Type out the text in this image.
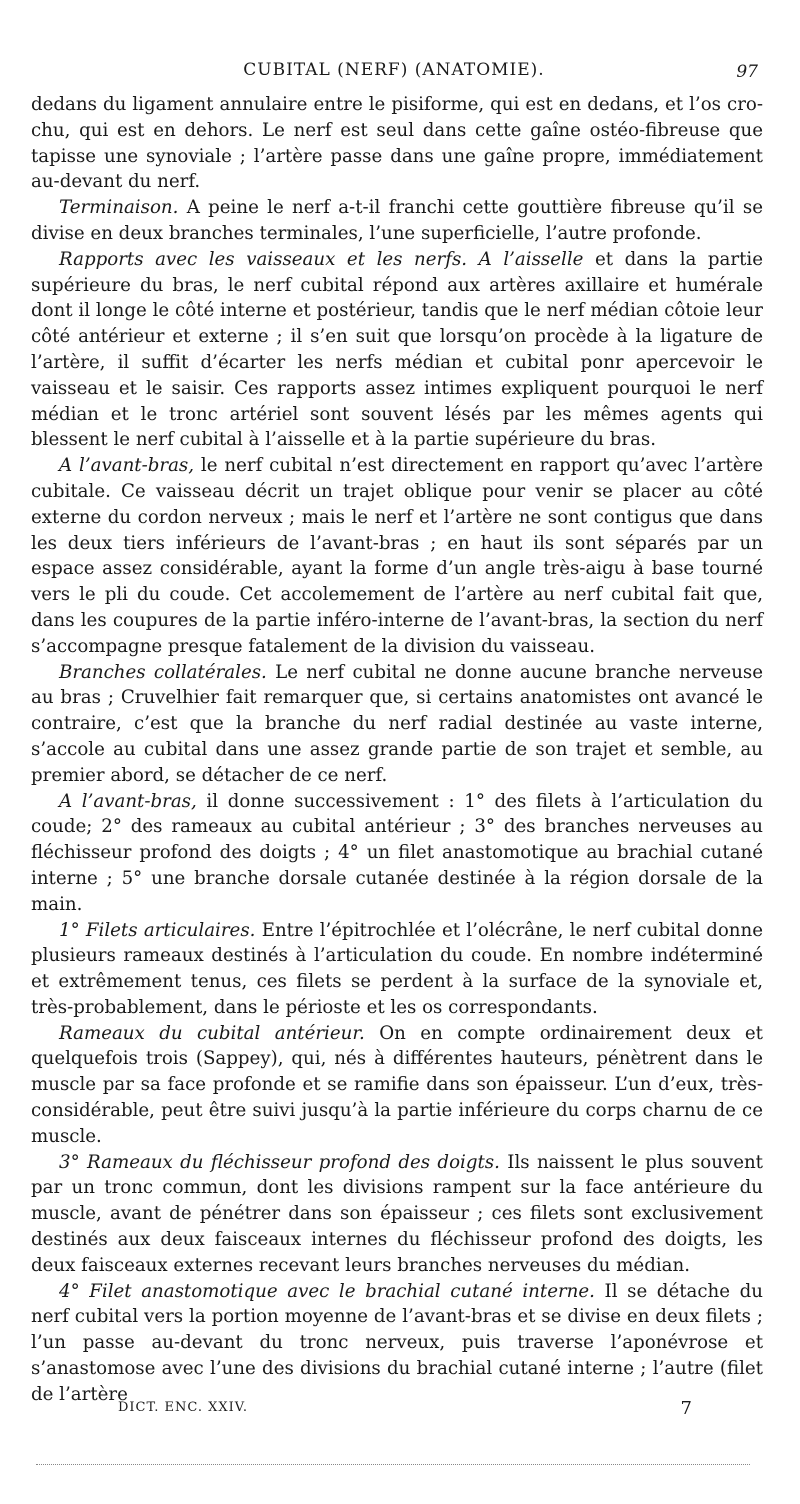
CUBITAL (NERF) (ANATOMIE).	97

dedans du ligament annulaire entre le pisiforme, qui est en dedans, et l’os cro-chu, qui est en dehors. Le nerf est seul dans cette gaîne ostéo-fibreuse que tapisse une synoviale ; l’artère passe dans une gaîne propre, immédiatement au-devant du nerf.

Terminaison. A peine le nerf a-t-il franchi cette gouttière fibreuse qu’il se divise en deux branches terminales, l’une superficielle, l’autre profonde.

Rapports avec les vaisseaux et les nerfs. A l’aisselle et dans la partie supérieure du bras, le nerf cubital répond aux artères axillaire et humérale dont il longe le côté interne et postérieur, tandis que le nerf médian côtoie leur côté antérieur et externe ; il s’en suit que lorsqu’on procède à la ligature de l’artère, il suffit d’écarter les nerfs médian et cubital ponr apercevoir le vaisseau et le saisir. Ces rapports assez intimes expliquent pourquoi le nerf médian et le tronc artériel sont souvent lésés par les mêmes agents qui blessent le nerf cubital à l’aisselle et à la partie supérieure du bras.

A l’avant-bras, le nerf cubital n’est directement en rapport qu’avec l’artère cubitale. Ce vaisseau décrit un trajet oblique pour venir se placer au côté externe du cordon nerveux ; mais le nerf et l’artère ne sont contigus que dans les deux tiers inférieurs de l’avant-bras ; en haut ils sont séparés par un espace assez considérable, ayant la forme d’un angle très-aigu à base tourné vers le pli du coude. Cet accolemement de l’artère au nerf cubital fait que, dans les coupures de la partie inféro-interne de l’avant-bras, la section du nerf s’accompagne presque fatalement de la division du vaisseau.

Branches collatérales. Le nerf cubital ne donne aucune branche nerveuse au bras ; Cruvelhier fait remarquer que, si certains anatomistes ont avancé le contraire, c’est que la branche du nerf radial destinée au vaste interne, s’accole au cubital dans une assez grande partie de son trajet et semble, au premier abord, se détacher de ce nerf.

A l’avant-bras, il donne successivement : 1° des filets à l’articulation du coude; 2° des rameaux au cubital antérieur ; 3° des branches nerveuses au fléchisseur profond des doigts ; 4° un filet anastomotique au brachial cutané interne ; 5° une branche dorsale cutanée destinée à la région dorsale de la main.

1° Filets articulaires. Entre l’épitrochlée et l’olécrâne, le nerf cubital donne plusieurs rameaux destinés à l’articulation du coude. En nombre indéterminé et extrêmement tenus, ces filets se perdent à la surface de la synoviale et, très-probablement, dans le périoste et les os correspondants.

Rameaux du cubital antérieur. On en compte ordinairement deux et quelquefois trois (Sappey), qui, nés à différentes hauteurs, pénètrent dans le muscle par sa face profonde et se ramifie dans son épaisseur. L’un d’eux, très-considérable, peut être suivi jusqu’à la partie inférieure du corps charnu de ce muscle.

3° Rameaux du fléchisseur profond des doigts. Ils naissent le plus souvent par un tronc commun, dont les divisions rampent sur la face antérieure du muscle, avant de pénétrer dans son épaisseur ; ces filets sont exclusivement destinés aux deux faisceaux internes du fléchisseur profond des doigts, les deux faisceaux externes recevant leurs branches nerveuses du médian.

4° Filet anastomotique avec le brachial cutané interne. Il se détache du nerf cubital vers la portion moyenne de l’avant-bras et se divise en deux filets ; l’un passe au-devant du tronc nerveux, puis traverse l’aponévrose et s’anastomose avec l’une des divisions du brachial cutané interne ; l’autre (filet de l’artère

DICT. ENC. XXIV.	7
